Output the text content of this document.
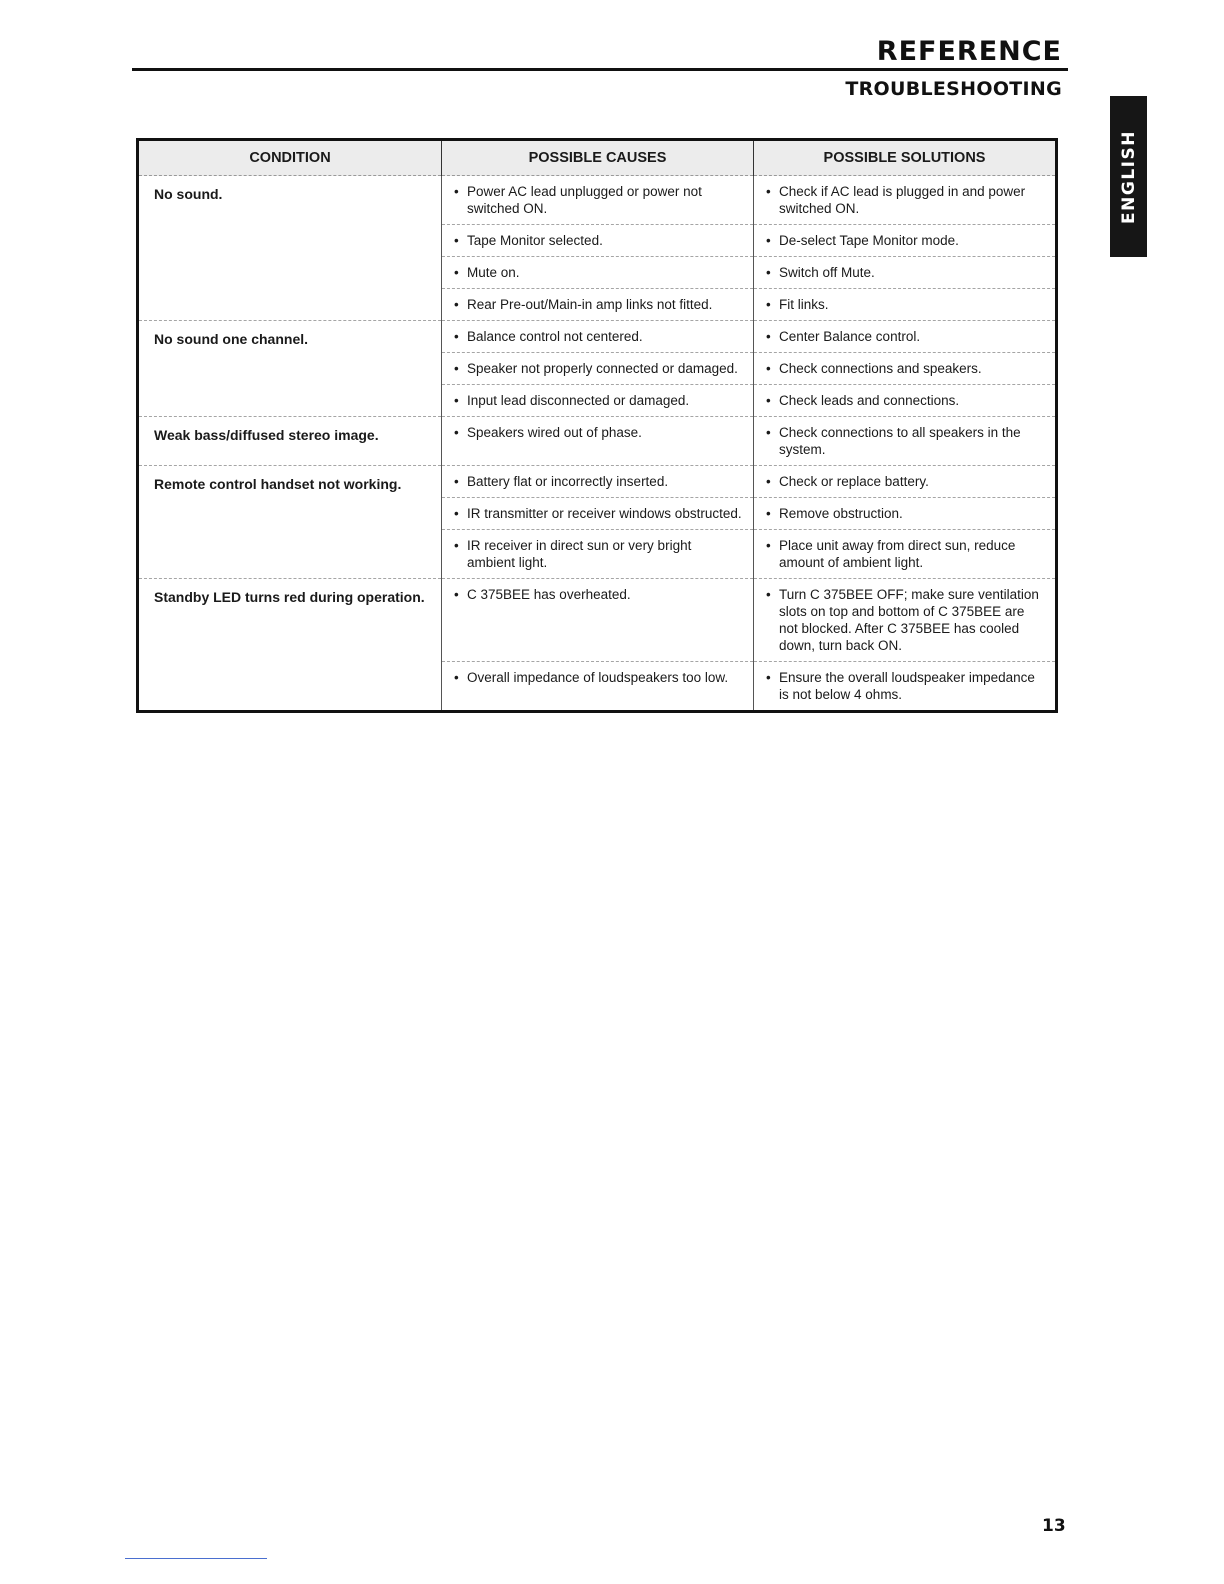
REFERENCE
TROUBLESHOOTING
ENGLISH
CONDITION	POSSIBLE CAUSES	POSSIBLE SOLUTIONS
No sound.	• Power AC lead unplugged or power not switched ON.	• Check if AC lead is plugged in and power switched ON.

	• Tape Monitor selected.	• De-select Tape Monitor mode.

	• Mute on.	• Switch off Mute.

	• Rear Pre-out/Main-in amp links not fitted.	• Fit links.

No sound one channel.	• Balance control not centered.	• Center Balance control.

	• Speaker not properly connected or damaged.	• Check connections and speakers.

	• Input lead disconnected or damaged.	• Check leads and connections.

Weak bass/diffused stereo image.	• Speakers wired out of phase.	• Check connections to all speakers in the system.

Remote control handset not working.	• Battery flat or incorrectly inserted.	• Check or replace battery.

	• IR transmitter or receiver windows obstructed.	• Remove obstruction.

	• IR receiver in direct sun or very bright ambient light.	• Place unit away from direct sun, reduce amount of ambient light.

Standby LED turns red during operation.	• C 375BEE has overheated.	• Turn C 375BEE OFF; make sure ventilation slots on top and bottom of C 375BEE are not blocked. After C 375BEE has cooled down, turn back ON.

	• Overall impedance of loudspeakers too low.	• Ensure the overall loudspeaker impedance is not below 4 ohms.
13
